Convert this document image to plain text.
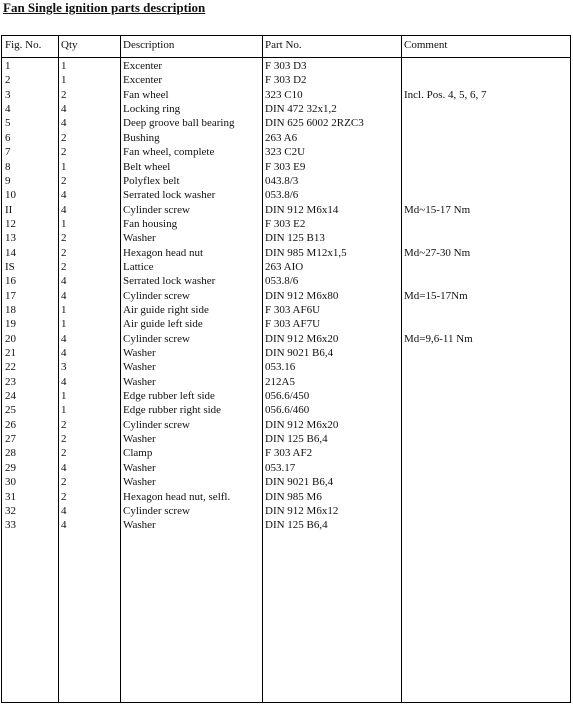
Fan Single ignition parts description
Fig. No.	Qty	Description	Part No.	Comment
1	1	Excenter	F 303 D3
2	1	Excenter	F 303 D2
3	2	Fan wheel	323 C10	Incl. Pos. 4, 5, 6, 7
4	4	Locking ring	DIN 472 32x1,2
5	4	Deep groove ball bearing	DIN 625 6002 2RZC3
6	2	Bushing	263 A6
7	2	Fan wheel, complete	323 C2U
8	1	Belt wheel	F 303 E9
9	2	Polyflex belt	043.8/3
10	4	Serrated lock washer	053.8/6
II	4	Cylinder screw	DIN 912 M6x14	Md~15-17 Nm
12	1	Fan housing	F 303 E2
13	2	Washer	DIN 125 B13
14	2	Hexagon head nut	DIN 985 M12x1,5	Md~27-30 Nm
IS	2	Lattice	263 AIO
16	4	Serrated lock washer	053.8/6
17	4	Cylinder screw	DIN 912 M6x80	Md=15-17Nm
18	1	Air guide right side	F 303 AF6U
19	1	Air guide left side	F 303 AF7U
20	4	Cylinder screw	DIN 912 M6x20	Md=9,6-11 Nm
21	4	Washer	DIN 9021 B6,4
22	3	Washer	053.16
23	4	Washer	212A5
24	1	Edge rubber left side	056.6/450
25	1	Edge rubber right side	056.6/460
26	2	Cylinder screw	DIN 912 M6x20
27	2	Washer	DIN 125 B6,4
28	2	Clamp	F 303 AF2
29	4	Washer	053.17
30	2	Washer	DIN 9021 B6,4
31	2	Hexagon head nut, selfl.	DIN 985 M6
32	4	Cylinder screw	DIN 912 M6x12
33	4	Washer	DIN 125 B6,4
